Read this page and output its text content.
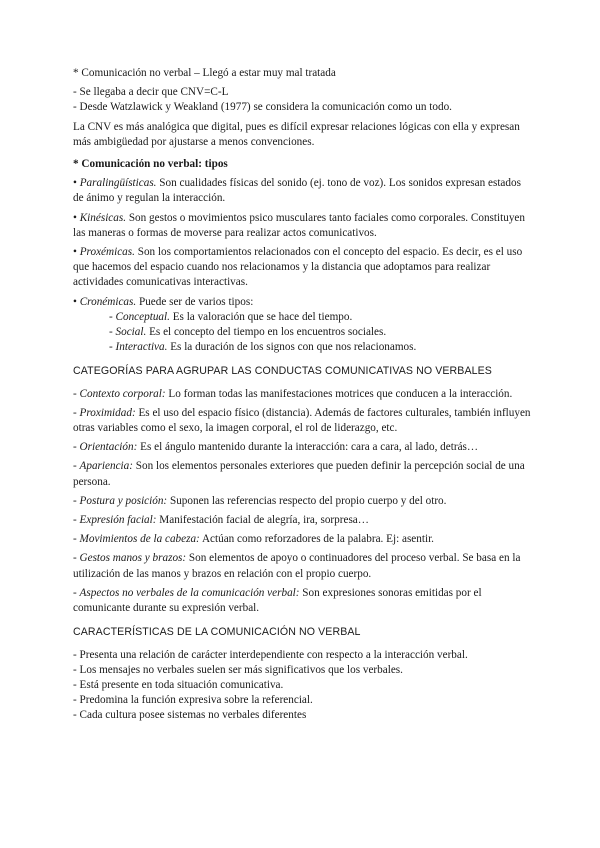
* Comunicación no verbal – Llegó a estar muy mal tratada

- Se llegaba a decir que CNV=C-L

- Desde Watzlawick y Weakland (1977) se considera la comunicación como un todo.

La CNV es más analógica que digital, pues es difícil expresar relaciones lógicas con ella y expresan más ambigüedad por ajustarse a menos convenciones.

* Comunicación no verbal: tipos

• Paralingüísticas. Son cualidades físicas del sonido (ej. tono de voz). Los sonidos expresan estados de ánimo y regulan la interacción.

• Kinésicas. Son gestos o movimientos psico musculares tanto faciales como corporales. Constituyen las maneras o formas de moverse para realizar actos comunicativos.

• Proxémicas. Son los comportamientos relacionados con el concepto del espacio. Es decir, es el uso que hacemos del espacio cuando nos relacionamos y la distancia que adoptamos para realizar actividades comunicativas interactivas.

• Cronémicas. Puede ser de varios tipos:

- Conceptual. Es la valoración que se hace del tiempo.

- Social. Es el concepto del tiempo en los encuentros sociales.

- Interactiva. Es la duración de los signos con que nos relacionamos.

CATEGORÍAS PARA AGRUPAR LAS CONDUCTAS COMUNICATIVAS NO VERBALES

- Contexto corporal: Lo forman todas las manifestaciones motrices que conducen a la interacción.

- Proximidad: Es el uso del espacio físico (distancia). Además de factores culturales, también influyen otras variables como el sexo, la imagen corporal, el rol de liderazgo, etc.

- Orientación: Es el ángulo mantenido durante la interacción: cara a cara, al lado, detrás…

- Apariencia: Son los elementos personales exteriores que pueden definir la percepción social de una persona.

- Postura y posición: Suponen las referencias respecto del propio cuerpo y del otro.

- Expresión facial: Manifestación facial de alegría, ira, sorpresa…

- Movimientos de la cabeza: Actúan como reforzadores de la palabra. Ej: asentir.

- Gestos manos y brazos: Son elementos de apoyo o continuadores del proceso verbal. Se basa en la utilización de las manos y brazos en relación con el propio cuerpo.

- Aspectos no verbales de la comunicación verbal: Son expresiones sonoras emitidas por el comunicante durante su expresión verbal.

CARACTERÍSTICAS DE LA COMUNICACIÓN NO VERBAL

- Presenta una relación de carácter interdependiente con respecto a la interacción verbal.

- Los mensajes no verbales suelen ser más significativos que los verbales.

- Está presente en toda situación comunicativa.

- Predomina la función expresiva sobre la referencial.

- Cada cultura posee sistemas no verbales diferentes
